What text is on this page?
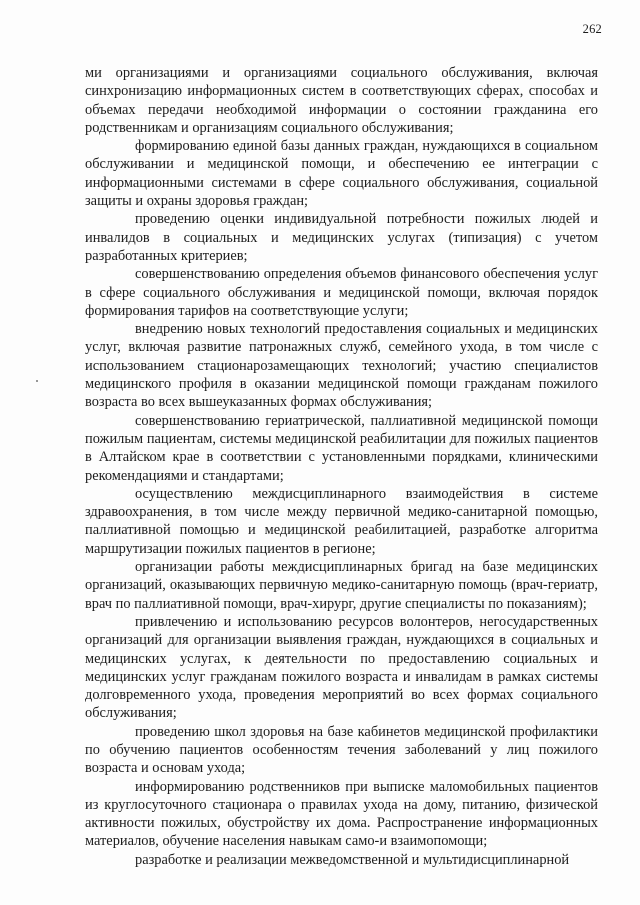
262

ми организациями и организациями социального обслуживания, включая синхронизацию информационных систем в соответствующих сферах, способах и объемах передачи необходимой информации о состоянии гражданина его родственникам и организациям социального обслуживания;

формированию единой базы данных граждан, нуждающихся в социальном обслуживании и медицинской помощи, и обеспечению ее интеграции с информационными системами в сфере социального обслуживания, социальной защиты и охраны здоровья граждан;

проведению оценки индивидуальной потребности пожилых людей и инвалидов в социальных и медицинских услугах (типизация) с учетом разработанных критериев;

совершенствованию определения объемов финансового обеспечения услуг в сфере социального обслуживания и медицинской помощи, включая порядок формирования тарифов на соответствующие услуги;

внедрению новых технологий предоставления социальных и медицинских услуг, включая развитие патронажных служб, семейного ухода, в том числе с использованием стационарозамещающих технологий; участию специалистов медицинского профиля в оказании медицинской помощи гражданам пожилого возраста во всех вышеуказанных формах обслуживания;

совершенствованию гериатрической, паллиативной медицинской помощи пожилым пациентам, системы медицинской реабилитации для пожилых пациентов в Алтайском крае в соответствии с установленными порядками, клиническими рекомендациями и стандартами;

осуществлению междисциплинарного взаимодействия в системе здравоохранения, в том числе между первичной медико-санитарной помощью, паллиативной помощью и медицинской реабилитацией, разработке алгоритма маршрутизации пожилых пациентов в регионе;

организации работы междисциплинарных бригад на базе медицинских организаций, оказывающих первичную медико-санитарную помощь (врач-гериатр, врач по паллиативной помощи, врач-хирург, другие специалисты по показаниям);

привлечению и использованию ресурсов волонтеров, негосударственных организаций для организации выявления граждан, нуждающихся в социальных и медицинских услугах, к деятельности по предоставлению социальных и медицинских услуг гражданам пожилого возраста и инвалидам в рамках системы долговременного ухода, проведения мероприятий во всех формах социального обслуживания;

проведению школ здоровья на базе кабинетов медицинской профилактики по обучению пациентов особенностям течения заболеваний у лиц пожилого возраста и основам ухода;

информированию родственников при выписке маломобильных пациентов из круглосуточного стационара о правилах ухода на дому, питанию, физической активности пожилых, обустройству их дома. Распространение информационных материалов, обучение населения навыкам само-и взаимопомощи;

разработке и реализации межведомственной и мультидисциплинарной
